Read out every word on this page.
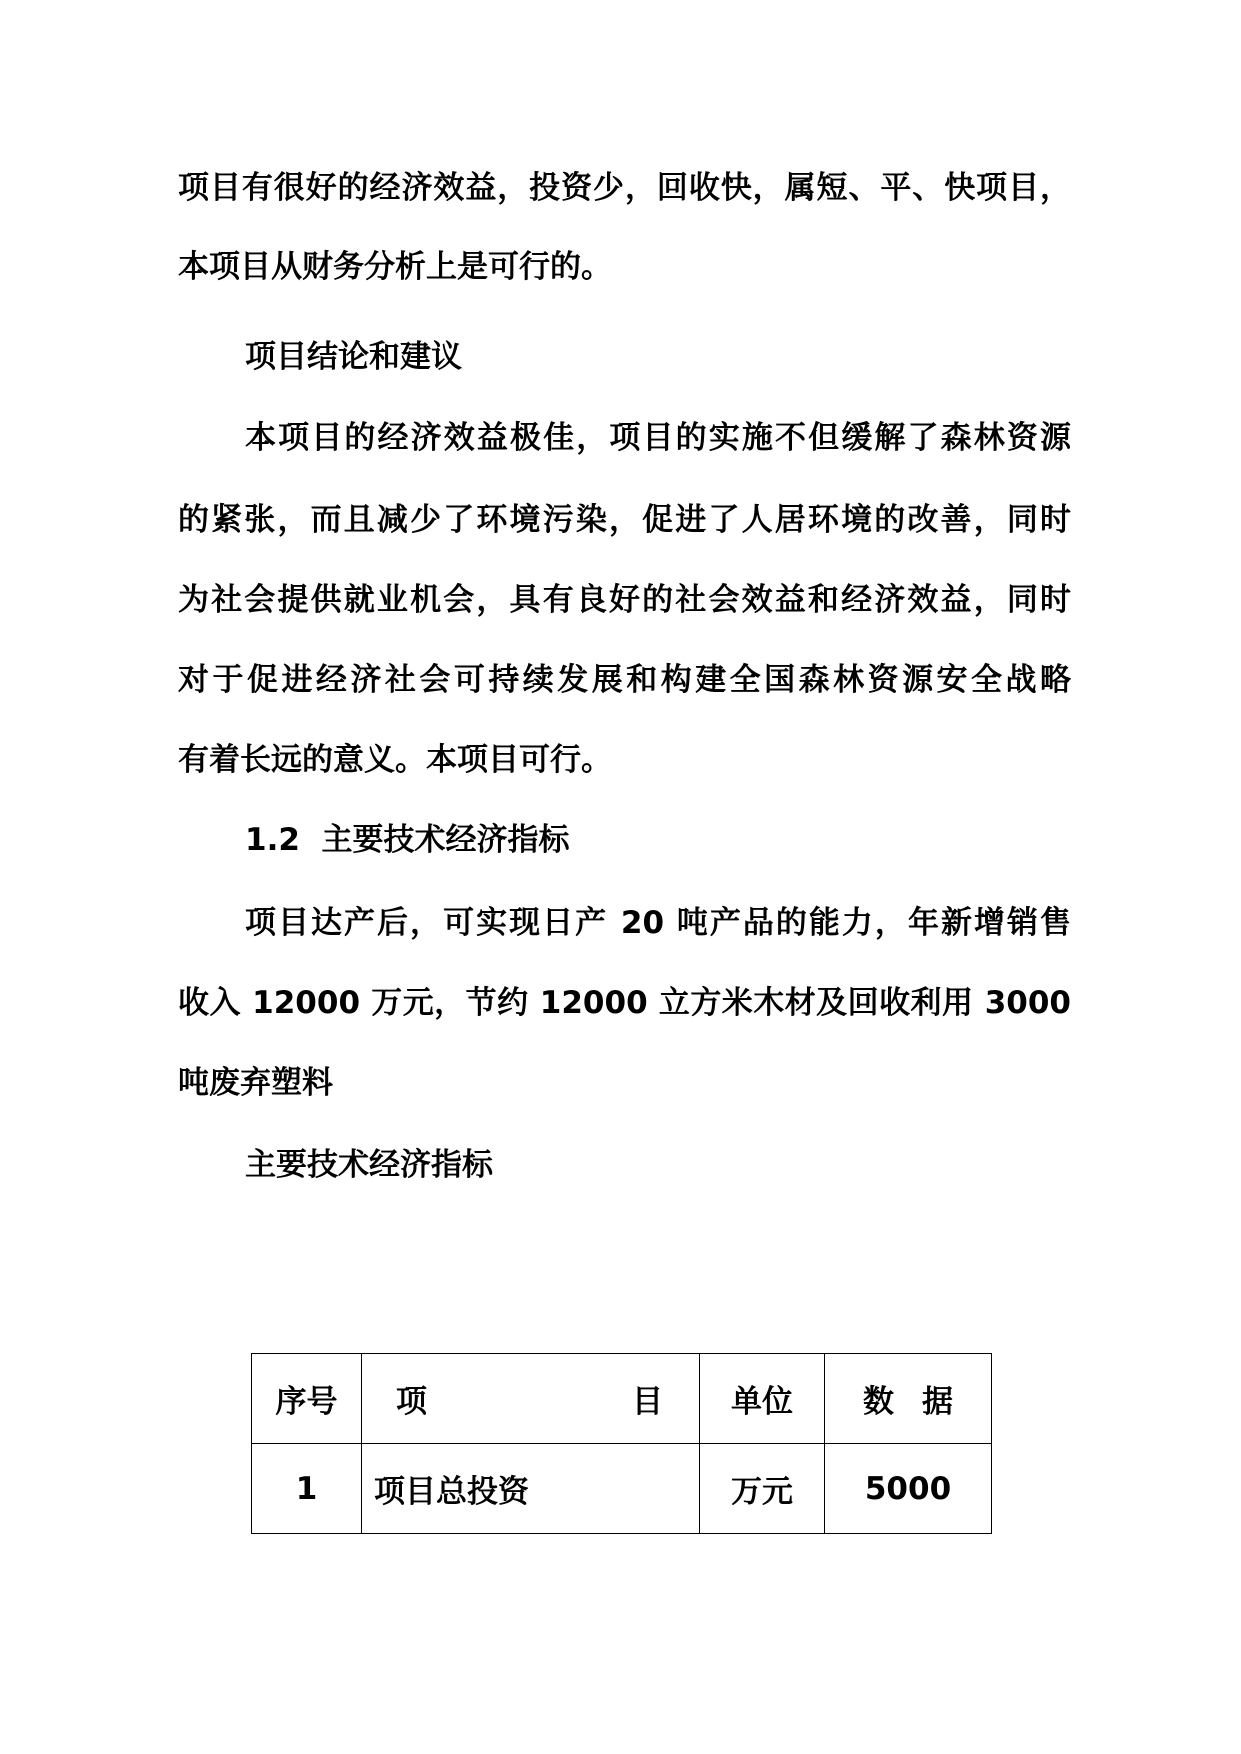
项目有很好的经济效益，投资少，回收快，属短、平、快项目，
本项目从财务分析上是可行的。
项目结论和建议
本项目的经济效益极佳，项目的实施不但缓解了森林资源
的紧张，而且减少了环境污染，促进了人居环境的改善，同时
为社会提供就业机会，具有良好的社会效益和经济效益，同时
对于促进经济社会可持续发展和构建全国森林资源安全战略
有着长远的意义。本项目可行。
1.2  主要技术经济指标
项目达产后，可实现日产 20 吨产品的能力，年新增销售
收入 12000 万元，节约 12000 立方米木材及回收利用 3000
吨废弃塑料
主要技术经济指标
序号	项 目	单位	数据
1	项目总投资	万元	5000
